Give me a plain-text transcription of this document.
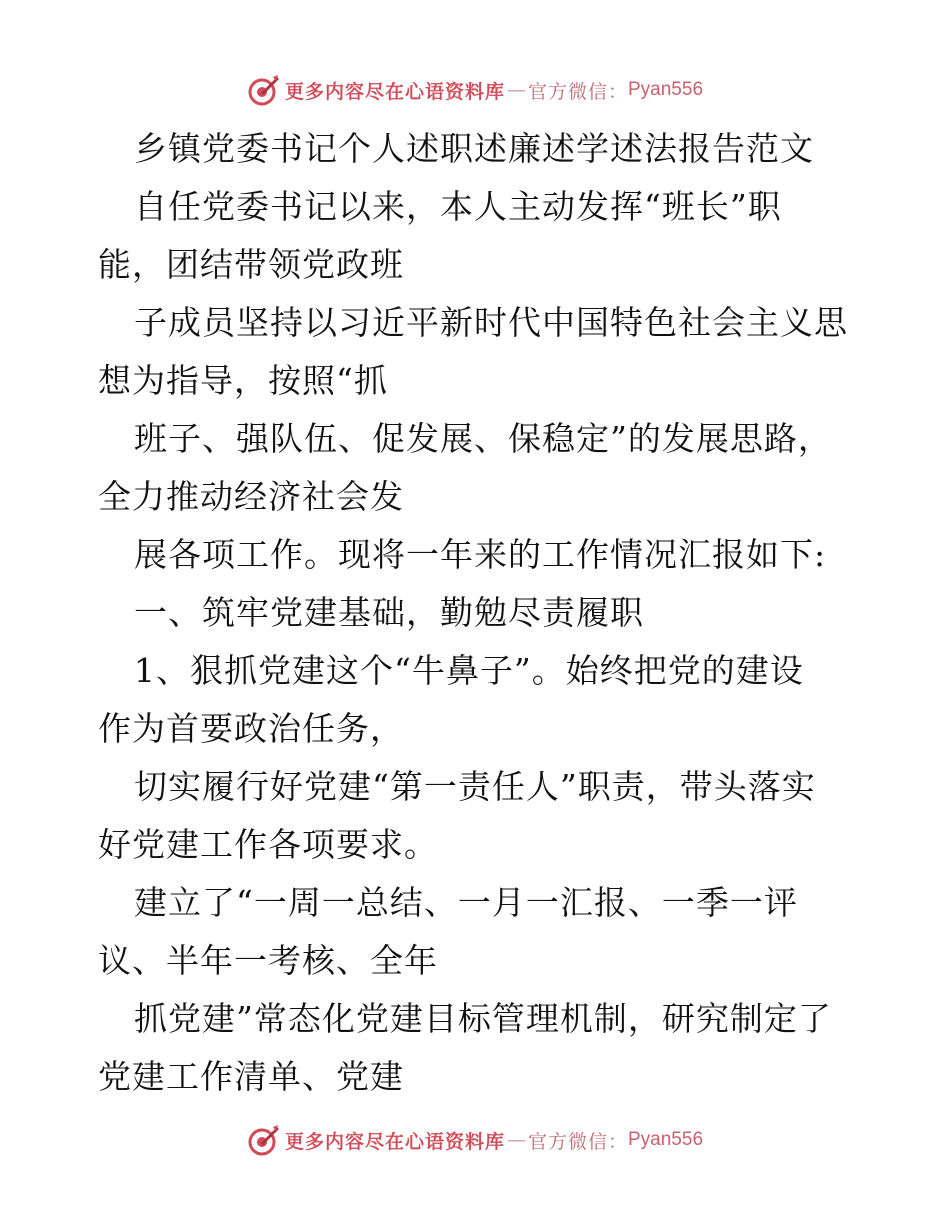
更多内容尽在心语资料库 — 官方微信： Pyan556
乡镇党委书记个人述职述廉述学述法报告范文
自任党委书记以来，本人主动发挥“班长”职
能，团结带领党政班
子成员坚持以习近平新时代中国特色社会主义思
想为指导，按照“抓
班子、强队伍、促发展、保稳定”的发展思路，
全力推动经济社会发
展各项工作。现将一年来的工作情况汇报如下:
一、筑牢党建基础，勤勉尽责履职
1、狠抓党建这个“牛鼻子”。始终把党的建设
作为首要政治任务，
切实履行好党建“第一责任人”职责，带头落实
好党建工作各项要求。
建立了“一周一总结、一月一汇报、一季一评
议、半年一考核、全年
抓党建”常态化党建目标管理机制，研究制定了
党建工作清单、党建
更多内容尽在心语资料库 — 官方微信： Pyan556
